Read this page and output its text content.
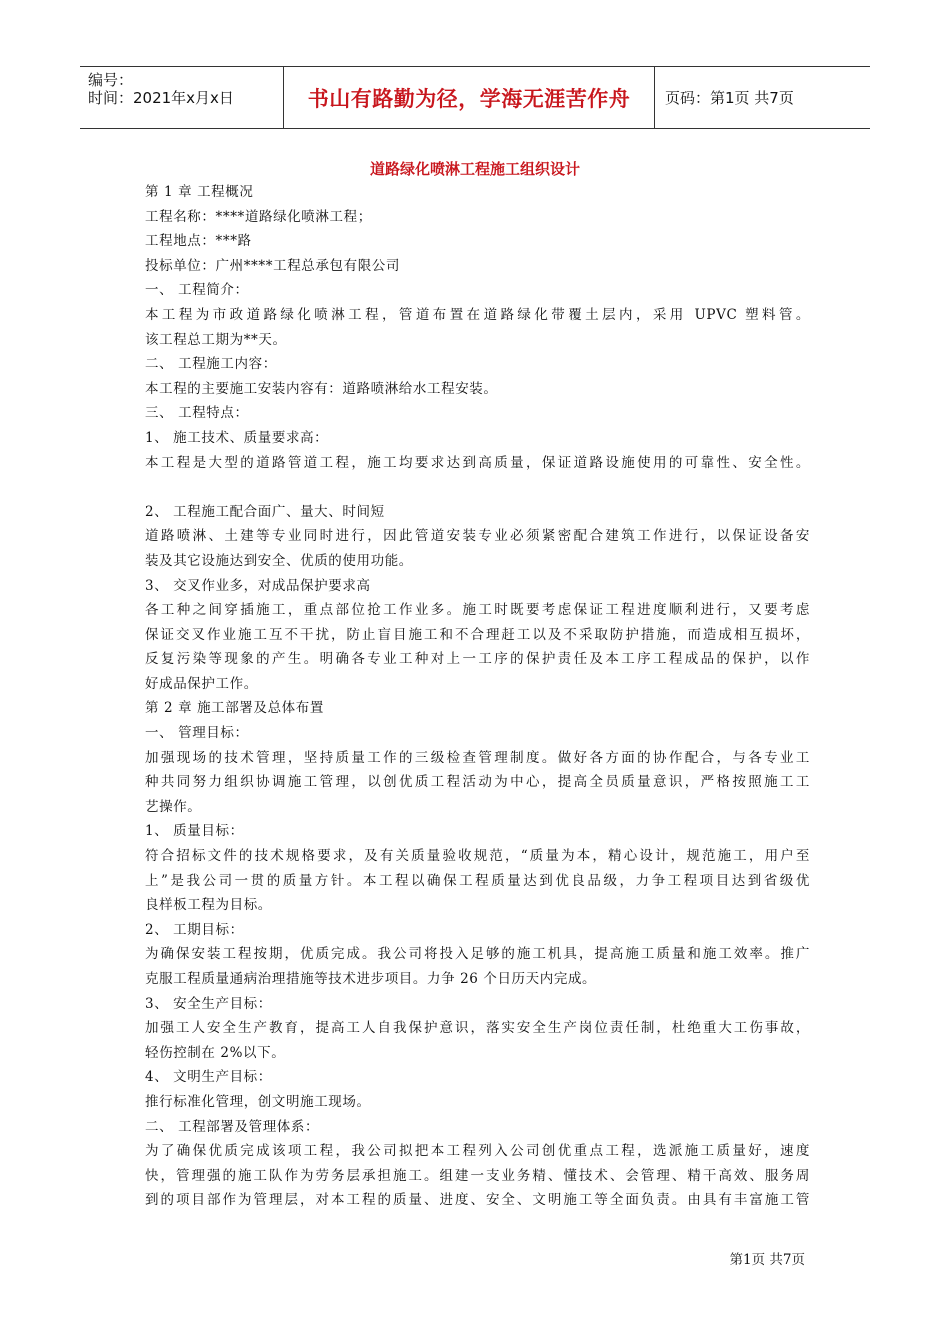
编号：
时间：2021年x月x日	书山有路勤为径，学海无涯苦作舟 页码：第1页 共7页
道路绿化喷淋工程施工组织设计
第 1 章 工程概况
工程名称：****道路绿化喷淋工程；
工程地点：***路
投标单位：广州****工程总承包有限公司
一、 工程简介：
本工程为市政道路绿化喷淋工程，管道布置在道路绿化带覆土层内，采用 UPVC 塑料管。
该工程总工期为**天。
二、 工程施工内容：
本工程的主要施工安装内容有：道路喷淋给水工程安装。
三、 工程特点：
1、 施工技术、质量要求高：
本工程是大型的道路管道工程，施工均要求达到高质量，保证道路设施使用的可靠性、安全性。
2、 工程施工配合面广、量大、时间短
道路喷淋、土建等专业同时进行，因此管道安装专业必须紧密配合建筑工作进行，以保证设备安
装及其它设施达到安全、优质的使用功能。
3、 交叉作业多，对成品保护要求高
各工种之间穿插施工，重点部位抢工作业多。施工时既要考虑保证工程进度顺利进行，又要考虑
保证交叉作业施工互不干扰，防止盲目施工和不合理赶工以及不采取防护措施，而造成相互损坏，
反复污染等现象的产生。明确各专业工种对上一工序的保护责任及本工序工程成品的保护，以作
好成品保护工作。
第 2 章 施工部署及总体布置
一、 管理目标：
加强现场的技术管理，坚持质量工作的三级检查管理制度。做好各方面的协作配合，与各专业工
种共同努力组织协调施工管理，以创优质工程活动为中心，提高全员质量意识，严格按照施工工
艺操作。
1、 质量目标：
符合招标文件的技术规格要求，及有关质量验收规范，“质量为本，精心设计，规范施工，用户至
上”是我公司一贯的质量方针。本工程以确保工程质量达到优良品级，力争工程项目达到省级优
良样板工程为目标。
2、 工期目标：
为确保安装工程按期，优质完成。我公司将投入足够的施工机具，提高施工质量和施工效率。推广
克服工程质量通病治理措施等技术进步项目。力争 26 个日历天内完成。
3、 安全生产目标：
加强工人安全生产教育，提高工人自我保护意识，落实安全生产岗位责任制，杜绝重大工伤事故，
轻伤控制在 2%以下。
4、 文明生产目标：
推行标准化管理，创文明施工现场。
二、 工程部署及管理体系：
为了确保优质完成该项工程，我公司拟把本工程列入公司创优重点工程，选派施工质量好，速度
快，管理强的施工队作为劳务层承担施工。组建一支业务精、懂技术、会管理、精干高效、服务周
到的项目部作为管理层，对本工程的质量、进度、安全、文明施工等全面负责。由具有丰富施工管
第1页 共7页
